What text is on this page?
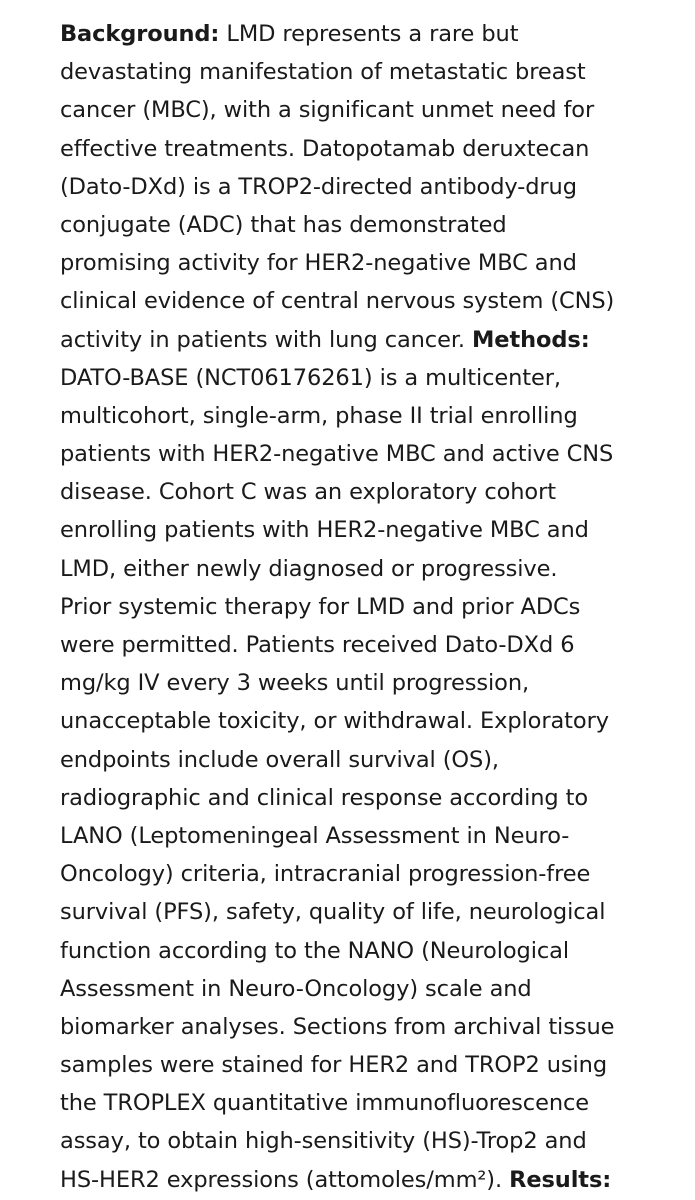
Background: LMD represents a rare but
devastating manifestation of metastatic breast
cancer (MBC), with a significant unmet need for
effective treatments. Datopotamab deruxtecan
(Dato-DXd) is a TROP2-directed antibody-drug
conjugate (ADC) that has demonstrated
promising activity for HER2-negative MBC and
clinical evidence of central nervous system (CNS)
activity in patients with lung cancer. Methods:
DATO-BASE (NCT06176261) is a multicenter,
multicohort, single-arm, phase II trial enrolling
patients with HER2-negative MBC and active CNS
disease. Cohort C was an exploratory cohort
enrolling patients with HER2-negative MBC and
LMD, either newly diagnosed or progressive.
Prior systemic therapy for LMD and prior ADCs
were permitted. Patients received Dato-DXd 6
mg/kg IV every 3 weeks until progression,
unacceptable toxicity, or withdrawal. Exploratory
endpoints include overall survival (OS),
radiographic and clinical response according to
LANO (Leptomeningeal Assessment in Neuro-
Oncology) criteria, intracranial progression-free
survival (PFS), safety, quality of life, neurological
function according to the NANO (Neurological
Assessment in Neuro-Oncology) scale and
biomarker analyses. Sections from archival tissue
samples were stained for HER2 and TROP2 using
the TROPLEX quantitative immunofluorescence
assay, to obtain high-sensitivity (HS)-Trop2 and
HS-HER2 expressions (attomoles/mm²). Results:
